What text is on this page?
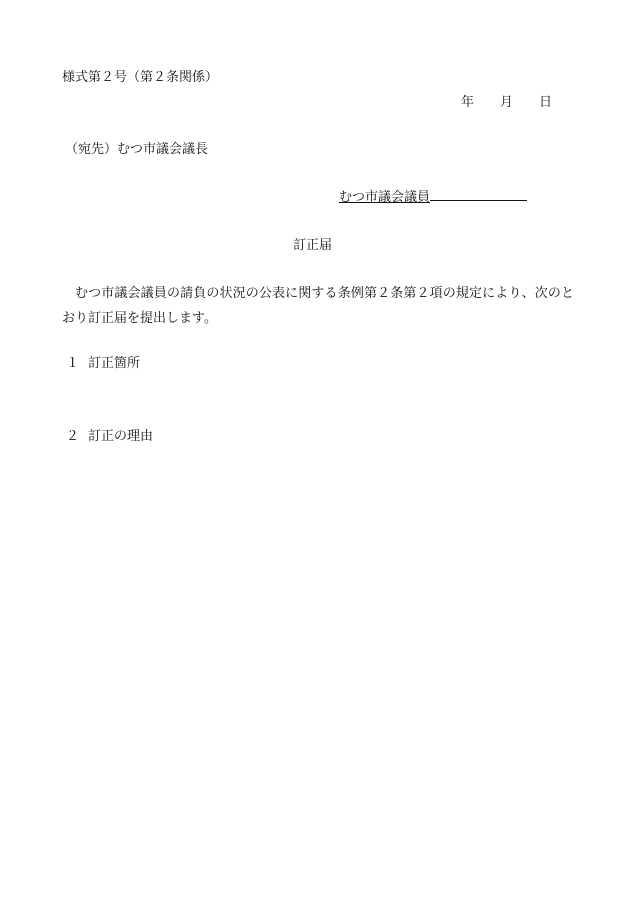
様式第２号（第２条関係）
年 月 日
（宛先）むつ市議会議長
むつ市議会議員
訂正届

むつ市議会議員の請負の状況の公表に関する条例第２条第２項の規定により、次のとおり訂正届を提出します。

１ 訂正箇所
２ 訂正の理由
